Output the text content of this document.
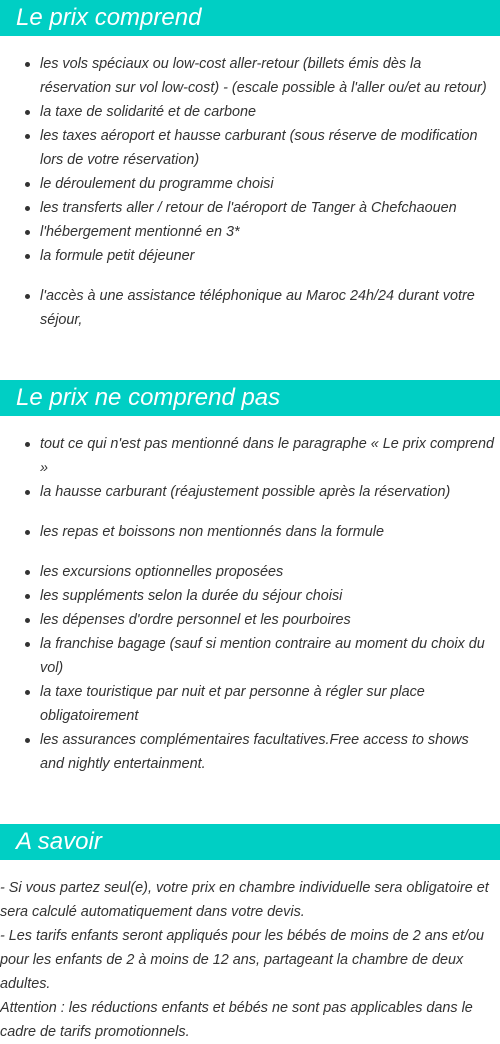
Le prix comprend
les vols spéciaux ou low-cost aller-retour (billets émis dès la réservation sur vol low-cost) - (escale possible à l'aller ou/et au retour)
la taxe de solidarité et de carbone
les taxes aéroport et hausse carburant (sous réserve de modification lors de votre réservation)
le déroulement du programme choisi
les transferts aller / retour de l'aéroport de Tanger à Chefchaouen
l'hébergement mentionné en 3*
la formule petit déjeuner
l'accès à une assistance téléphonique au Maroc 24h/24 durant votre séjour,
Le prix ne comprend pas
tout ce qui n'est pas mentionné dans le paragraphe « Le prix comprend »
la hausse carburant (réajustement possible après la réservation)
les repas et boissons non mentionnés dans la formule
les excursions optionnelles proposées
les suppléments selon la durée du séjour choisi
les dépenses d'ordre personnel et les pourboires
la franchise bagage (sauf si mention contraire au moment du choix du vol)
la taxe touristique par nuit et par personne à régler sur place obligatoirement
les assurances complémentaires facultatives.Free access to shows and nightly entertainment.
A savoir

- Si vous partez seul(e), votre prix en chambre individuelle sera obligatoire et sera calculé automatiquement dans votre devis.

- Les tarifs enfants seront appliqués pour les bébés de moins de 2 ans et/ou pour les enfants de 2 à moins de 12 ans, partageant la chambre de deux adultes.

Attention : les réductions enfants et bébés ne sont pas applicables dans le cadre de tarifs promotionnels.
